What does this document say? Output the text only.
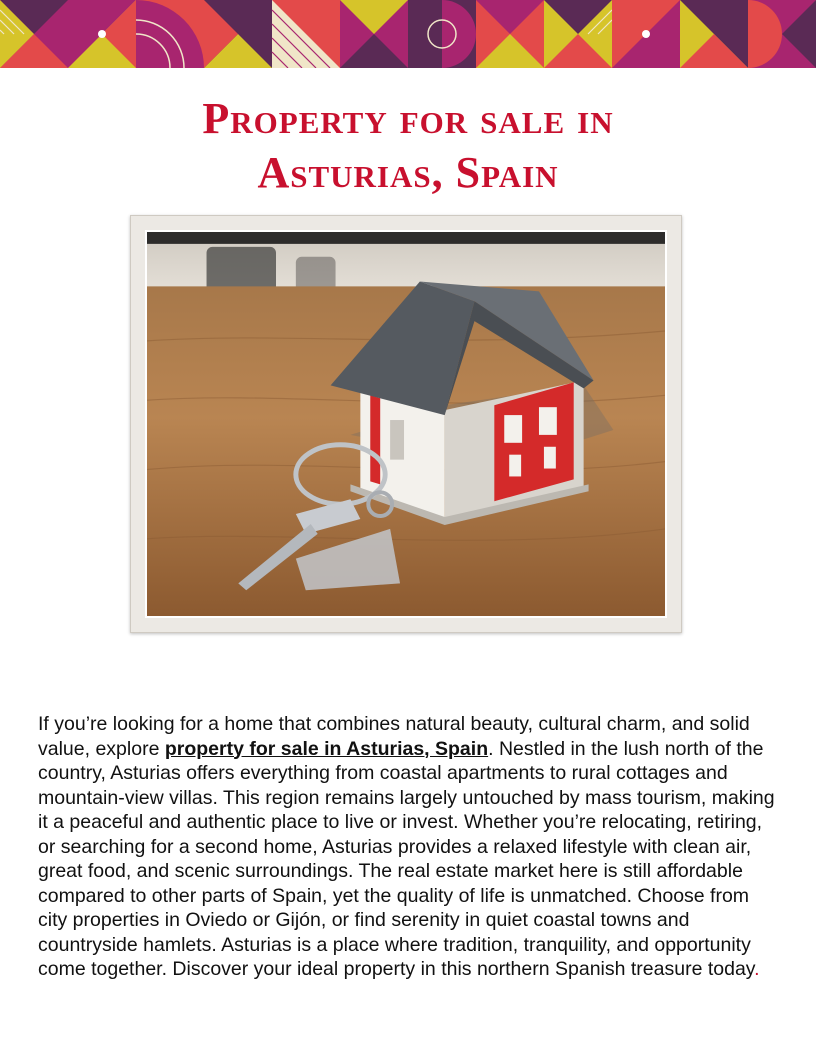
Property for sale in
Asturias, Spain

If you’re looking for a home that combines natural beauty, cultural charm, and solid value, explore property for sale in Asturias, Spain. Nestled in the lush north of the country, Asturias offers everything from coastal apartments to rural cottages and mountain-view villas. This region remains largely untouched by mass tourism, making it a peaceful and authentic place to live or invest. Whether you’re relocating, retiring, or searching for a second home, Asturias provides a relaxed lifestyle with clean air, great food, and scenic surroundings. The real estate market here is still affordable compared to other parts of Spain, yet the quality of life is unmatched. Choose from city properties in Oviedo or Gijón, or find serenity in quiet coastal towns and countryside hamlets. Asturias is a place where tradition, tranquility, and opportunity come together. Discover your ideal property in this northern Spanish treasure today.
